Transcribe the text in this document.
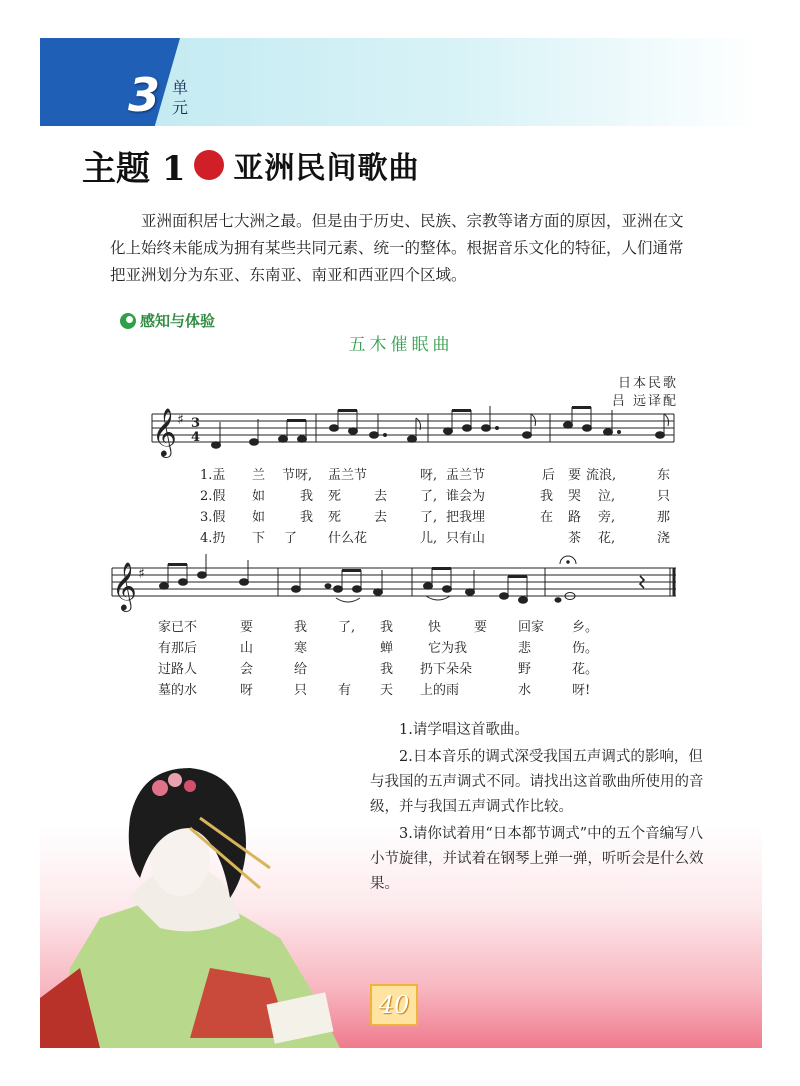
3 单元
主题 1 亚洲民间歌曲

亚洲面积居七大洲之最。但是由于历史、民族、宗教等诸方面的原因，亚洲在文化上始终未能成为拥有某些共同元素、统一的整体。根据音乐文化的特征，人们通常把亚洲划分为东亚、东南亚、南亚和西亚四个区域。

感知与体验
五木催眠曲
日本民歌
吕 远译配
𝄞 ♯ 3
4
𝄞 ♯
1.盂 兰 节呀, 盂兰节	呀, 盂兰节	后 要 流浪,	东
2.假 如	我 死	去	了, 谁会为	我 哭 泣,	只
3.假 如	我 死	去	了, 把我埋	在 路 旁,	那
4.扔 下 了 什么花	儿, 只有山	茶 花,	浇
家已不	要	我 了, 我	快	要 回家 乡。
有那后	山	寒	蝉	它为我	悲	伤。
过路人	会	给	我 扔下朵朵	野	花。
墓的水	呀	只 有 天 上的雨	水	呀!

1.请学唱这首歌曲。

2.日本音乐的调式深受我国五声调式的影响，但与我国的五声调式不同。请找出这首歌曲所使用的音级，并与我国五声调式作比较。

3.请你试着用“日本都节调式”中的五个音编写八小节旋律，并试着在钢琴上弹一弹，听听会是什么效果。

40
